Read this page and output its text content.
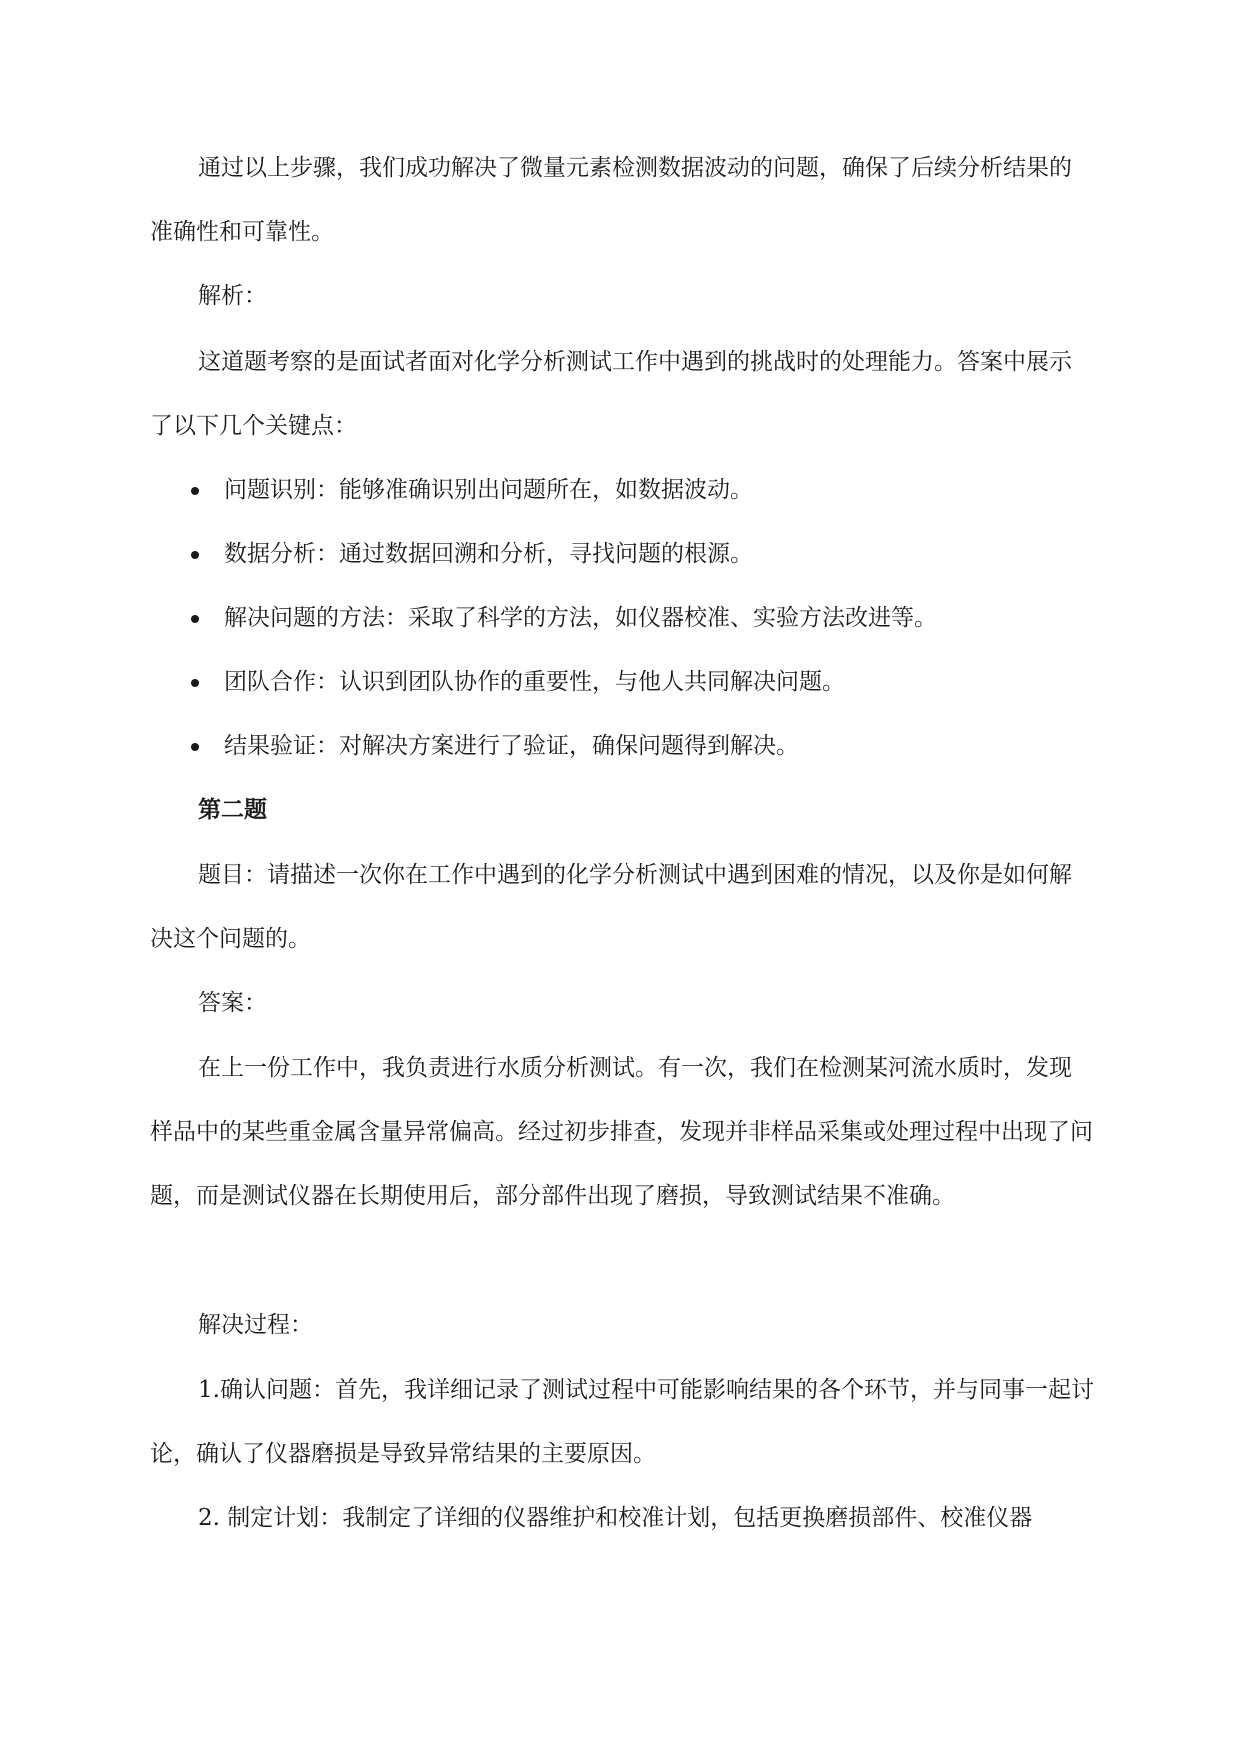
通过以上步骤，我们成功解决了微量元素检测数据波动的问题，确保了后续分析结果的准确性和可靠性。

解析：

这道题考察的是面试者面对化学分析测试工作中遇到的挑战时的处理能力。答案中展示了以下几个关键点：

问题识别：能够准确识别出问题所在，如数据波动。
数据分析：通过数据回溯和分析，寻找问题的根源。
解决问题的方法：采取了科学的方法，如仪器校准、实验方法改进等。
团队合作：认识到团队协作的重要性，与他人共同解决问题。
结果验证：对解决方案进行了验证，确保问题得到解决。

第二题

题目：请描述一次你在工作中遇到的化学分析测试中遇到困难的情况，以及你是如何解决这个问题的。

答案：

在上一份工作中，我负责进行水质分析测试。有一次，我们在检测某河流水质时，发现样品中的某些重金属含量异常偏高。经过初步排查，发现并非样品采集或处理过程中出现了问题，而是测试仪器在长期使用后，部分部件出现了磨损，导致测试结果不准确。

解决过程：

1.确认问题：首先，我详细记录了测试过程中可能影响结果的各个环节，并与同事一起讨论，确认了仪器磨损是导致异常结果的主要原因。

2. 制定计划：我制定了详细的仪器维护和校准计划，包括更换磨损部件、校准仪器
